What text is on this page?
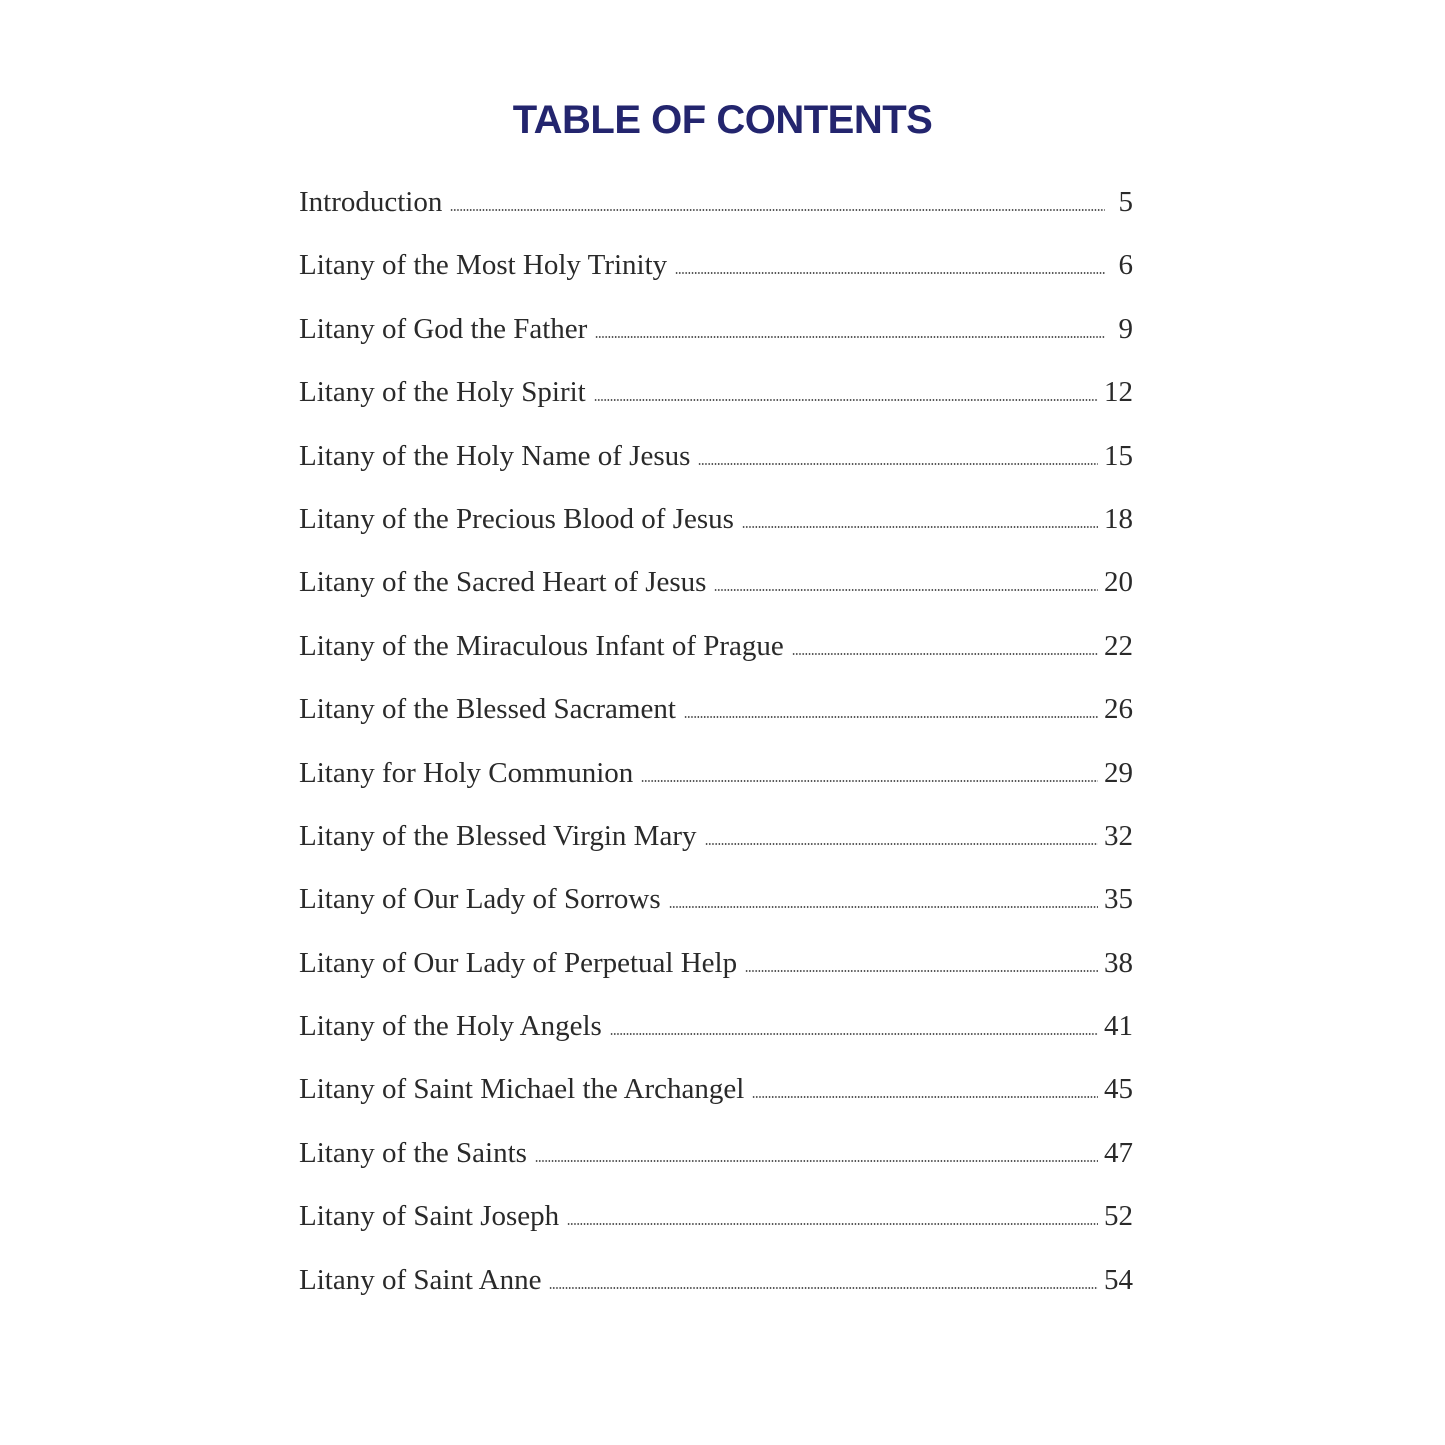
TABLE OF CONTENTS
Introduction	5
Litany of the Most Holy Trinity	6
Litany of God the Father	9
Litany of the Holy Spirit	12
Litany of the Holy Name of Jesus	15
Litany of the Precious Blood of Jesus	18
Litany of the Sacred Heart of Jesus	20
Litany of the Miraculous Infant of Prague	22
Litany of the Blessed Sacrament	26
Litany for Holy Communion	29
Litany of the Blessed Virgin Mary	32
Litany of Our Lady of Sorrows	35
Litany of Our Lady of Perpetual Help	38
Litany of the Holy Angels	41
Litany of Saint Michael the Archangel	45
Litany of the Saints	47
Litany of Saint Joseph	52
Litany of Saint Anne	54
